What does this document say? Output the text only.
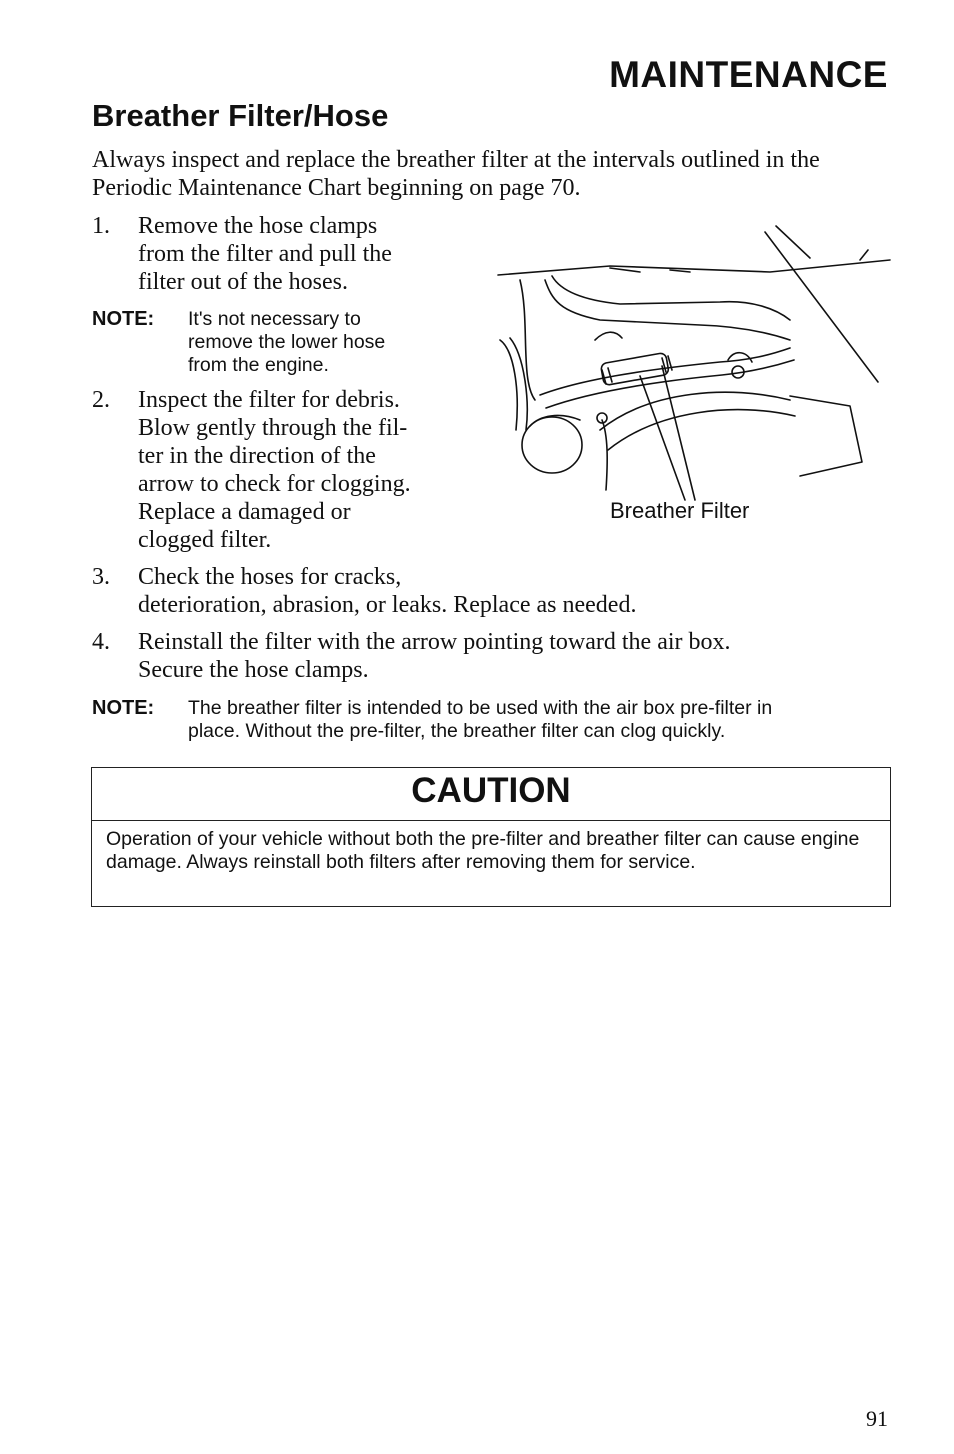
MAINTENANCE
Breather Filter/Hose
Always inspect and replace the breather filter at the intervals outlined in the Periodic Maintenance Chart beginning on page 70.
1. Remove the hose clamps
from the filter and pull the
filter out of the hoses.
NOTE: It's not necessary to
remove the lower hose
from the engine.
2. Inspect the filter for debris.
Blow gently through the fil-
ter in the direction of the
arrow to check for clogging.
Replace a damaged or
clogged filter.
3. Check the hoses for cracks,
deterioration, abrasion, or leaks. Replace as needed.
4. Reinstall the filter with the arrow pointing toward the air box.
Secure the hose clamps.
NOTE: The breather filter is intended to be used with the air box pre-filter in
place. Without the pre-filter, the breather filter can clog quickly.
Breather Filter
CAUTION
Operation of your vehicle without both the pre-filter and breather filter can cause engine damage. Always reinstall both filters after removing them for service.
91
